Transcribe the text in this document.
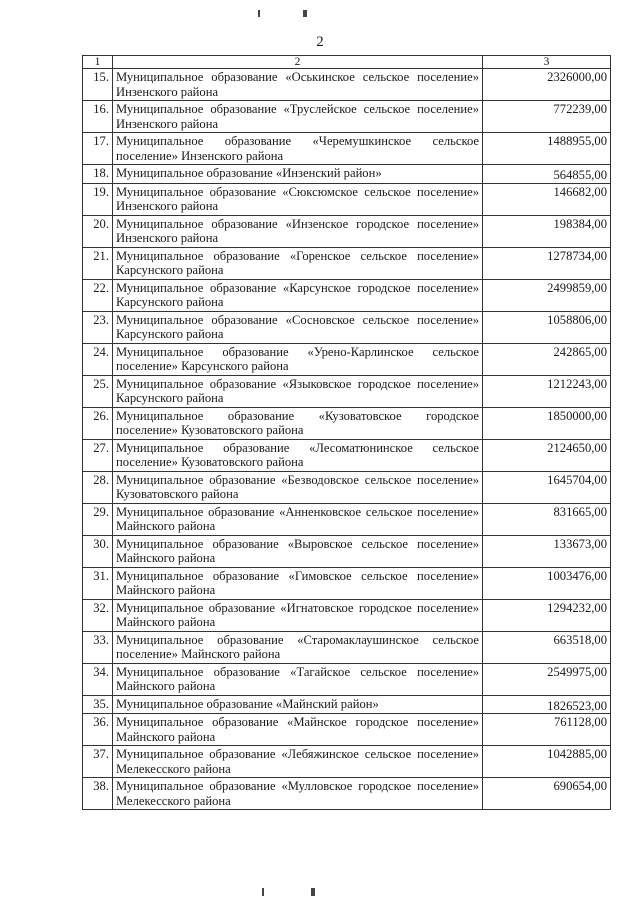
2
1	2	3
15.	Муниципальное образование «Оськинское сельское поселение» Инзенского района	2326000,00
16.	Муниципальное образование «Труслейское сельское поселение» Инзенского района	772239,00
17.	Муниципальное образование «Черемушкинское сельское поселение» Инзенского района	1488955,00
18.	Муниципальное образование «Инзенский район»	564855,00
19.	Муниципальное образование «Сюксюмское сельское поселение» Инзенского района	146682,00
20.	Муниципальное образование «Инзенское городское поселение» Инзенского района	198384,00
21.	Муниципальное образование «Горенское сельское поселение» Карсунского района	1278734,00
22.	Муниципальное образование «Карсунское городское поселение» Карсунского района	2499859,00
23.	Муниципальное образование «Сосновское сельское поселение» Карсунского района	1058806,00
24.	Муниципальное образование «Урено-Карлинское сельское поселение» Карсунского района	242865,00
25.	Муниципальное образование «Языковское городское поселение» Карсунского района	1212243,00
26.	Муниципальное образование «Кузоватовское городское поселение» Кузоватовского района	1850000,00
27.	Муниципальное образование «Лесоматюнинское сельское поселение» Кузоватовского района	2124650,00
28.	Муниципальное образование «Безводовское сельское поселение» Кузоватовского района	1645704,00
29.	Муниципальное образование «Анненковское сельское поселение» Майнского района	831665,00
30.	Муниципальное образование «Выровское сельское поселение» Майнского района	133673,00
31.	Муниципальное образование «Гимовское сельское поселение» Майнского района	1003476,00
32.	Муниципальное образование «Игнатовское городское поселение» Майнского района	1294232,00
33.	Муниципальное образование «Старомаклаушинское сельское поселение» Майнского района	663518,00
34.	Муниципальное образование «Тагайское сельское поселение» Майнского района	2549975,00
35.	Муниципальное образование «Майнский район»	1826523,00
36.	Муниципальное образование «Майнское городское поселение» Майнского района	761128,00
37.	Муниципальное образование «Лебяжинское сельское поселение» Мелекесского района	1042885,00
38.	Муниципальное образование «Мулловское городское поселение» Мелекесского района	690654,00
